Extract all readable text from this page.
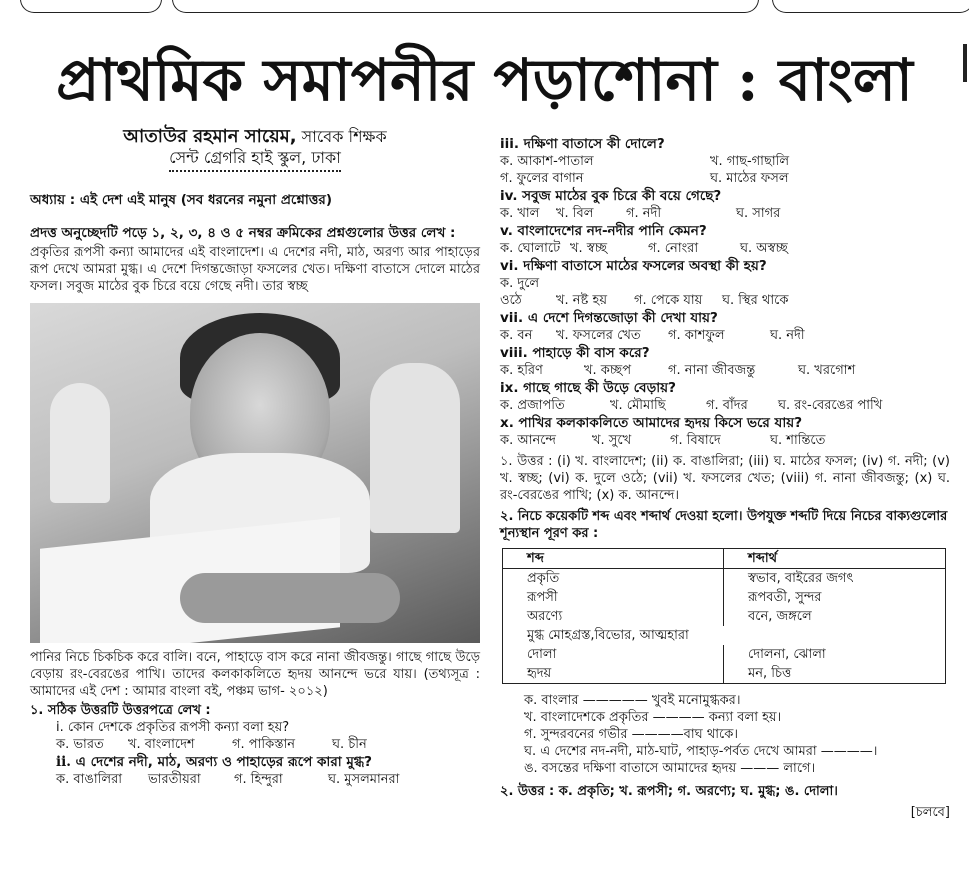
প্রাথমিক সমাপনীর পড়াশোনা : বাংলা
আতাউর রহমান সায়েম, সাবেক শিক্ষক
সেন্ট গ্রেগরি হাই স্কুল, ঢাকা
অধ্যায় : এই দেশ এই মানুষ (সব ধরনের নমুনা প্রশ্নোত্তর)
প্রদত্ত অনুচ্ছেদটি পড়ে ১, ২, ৩, ৪ ও ৫ নম্বর ক্রমিকের প্রশ্নগুলোর উত্তর লেখ :
প্রকৃতির রূপসী কন্যা আমাদের এই বাংলাদেশ। এ দেশের নদী, মাঠ, অরণ্য আর পাহাড়ের রূপ দেখে আমরা মুগ্ধ। এ দেশে দিগন্তজোড়া ফসলের খেত। দক্ষিণা বাতাসে দোলে মাঠের ফসল। সবুজ মাঠের বুক চিরে বয়ে গেছে নদী। তার স্বচ্ছ
পানির নিচে চিকচিক করে বালি। বনে, পাহাড়ে বাস করে নানা জীবজন্তু। গাছে গাছে উড়ে বেড়ায় রং-বেরঙের পাখি। তাদের কলকাকলিতে হৃদয় আনন্দে ভরে যায়। (তথ্যসূত্র : আমাদের এই দেশ : আমার বাংলা বই, পঞ্চম ভাগ- ২০১২)
১. সঠিক উত্তরটি উত্তরপত্রে লেখ :
i. কোন দেশকে প্রকৃতির রূপসী কন্যা বলা হয়?
ক. ভারত খ. বাংলাদেশ	গ. পাকিস্তান	ঘ. চীন
ii. এ দেশের নদী, মাঠ, অরণ্য ও পাহাড়ের রূপে কারা মুগ্ধ?
ক. বাঙালিরা ভারতীয়রা	গ. হিন্দুরা	ঘ. মুসলমানরা
iii. দক্ষিণা বাতাসে কী দোলে?
ক. আকাশ-পাতাল	খ. গাছ-গাছালি
গ. ফুলের বাগান	ঘ. মাঠের ফসল
iv. সবুজ মাঠের বুক চিরে কী বয়ে গেছে?
ক. খাল খ. বিল	গ. নদী	ঘ. সাগর
v. বাংলাদেশের নদ-নদীর পানি কেমন?
ক. ঘোলাটে খ. স্বচ্ছ	গ. নোংরা	ঘ. অস্বচ্ছ
vi. দক্ষিণা বাতাসে মাঠের ফসলের অবস্থা কী হয়?
ক. দুলে ওঠে	খ. নষ্ট হয় গ. পেকে যায় ঘ. স্থির থাকে
vii. এ দেশে দিগন্তজোড়া কী দেখা যায়?
ক. বন খ. ফসলের খেত গ. কাশফুল	ঘ. নদী
viii. পাহাড়ে কী বাস করে?
ক. হরিণ	খ. কচ্ছপ	গ. নানা জীবজন্তু	ঘ. খরগোশ
ix. গাছে গাছে কী উড়ে বেড়ায়?
ক. প্রজাপতি	খ. মৌমাছি	গ. বাঁদর ঘ. রং-বেরঙের পাখি
x. পাখির কলকাকলিতে আমাদের হৃদয় কিসে ভরে যায়?
ক. আনন্দে	খ. সুখে	গ. বিষাদে	ঘ. শান্তিতে
১. উত্তর : (i) খ. বাংলাদেশ; (ii) ক. বাঙালিরা; (iii) ঘ. মাঠের ফসল; (iv) গ. নদী; (v) খ. স্বচ্ছ; (vi) ক. দুলে ওঠে; (vii) খ. ফসলের খেত; (viii) গ. নানা জীবজন্তু; (x) ঘ. রং-বেরঙের পাখি; (x) ক. আনন্দে।
২. নিচে কয়েকটি শব্দ এবং শব্দার্থ দেওয়া হলো। উপযুক্ত শব্দটি দিয়ে নিচের বাক্যগুলোর শূন্যস্থান পূরণ কর :
শব্দ	শব্দার্থ
প্রকৃতি	স্বভাব, বাইরের জগৎ
রূপসী	রূপবতী, সুন্দর
অরণ্যে	বনে, জঙ্গলে
মুগ্ধ মোহগ্রস্ত,বিভোর, আত্মহারা
দোলা	দোলনা, ঝোলা
হৃদয়	মন, চিত্ত
ক. বাংলার ————— খুবই মনোমুগ্ধকর।
খ. বাংলাদেশকে প্রকৃতির ———— কন্যা বলা হয়।
গ. সুন্দরবনের গভীর ————বাঘ থাকে।
ঘ. এ দেশের নদ-নদী, মাঠ-ঘাট, পাহাড়-পর্বত দেখে আমরা ————।
ঙ. বসন্তের দক্ষিণা বাতাসে আমাদের হৃদয় ——— লাগে।
২. উত্তর : ক. প্রকৃতি; খ. রূপসী; গ. অরণ্যে; ঘ. মুগ্ধ; ঙ. দোলা।
[চলবে]
